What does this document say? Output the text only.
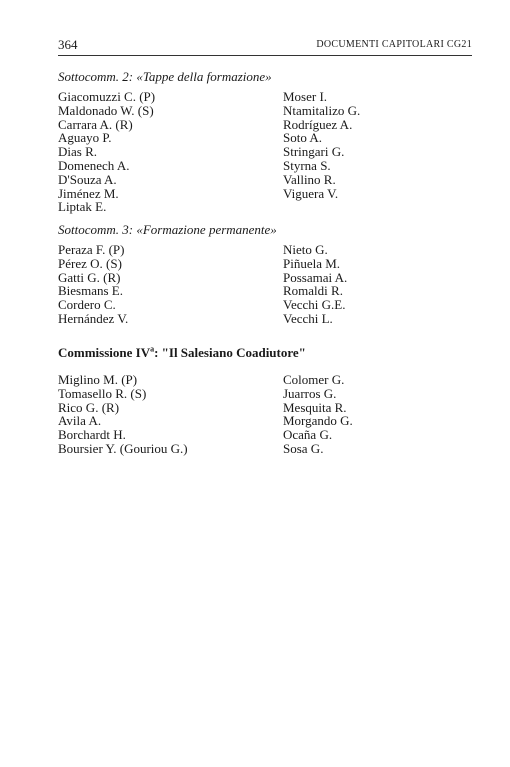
364	DOCUMENTI CAPITOLARI CG21
Sottocomm. 2: «Tappe della formazione»
Giacomuzzi C. (P)
Maldonado W. (S)
Carrara A. (R)
Aguayo P.
Dias R.
Domenech A.
D'Souza A.
Jiménez M.
Liptak E.
Moser I.
Ntamitalizo G.
Rodríguez A.
Soto A.
Stringari G.
Styrna S.
Vallino R.
Viguera V.
Sottocomm. 3: «Formazione permanente»
Peraza F. (P)
Pérez O. (S)
Gatti G. (R)
Biesmans E.
Cordero C.
Hernández V.
Nieto G.
Piñuela M.
Possamai A.
Romaldi R.
Vecchi G.E.
Vecchi L.
Commissione $IV^a$: "Il Salesiano Coadiutore"
Miglino M. (P)
Tomasello R. (S)
Rico G. (R)
Avila A.
Borchardt H.
Boursier Y. (Gouriou G.)
Colomer G.
Juarros G.
Mesquita R.
Morgando G.
Ocaña G.
Sosa G.
